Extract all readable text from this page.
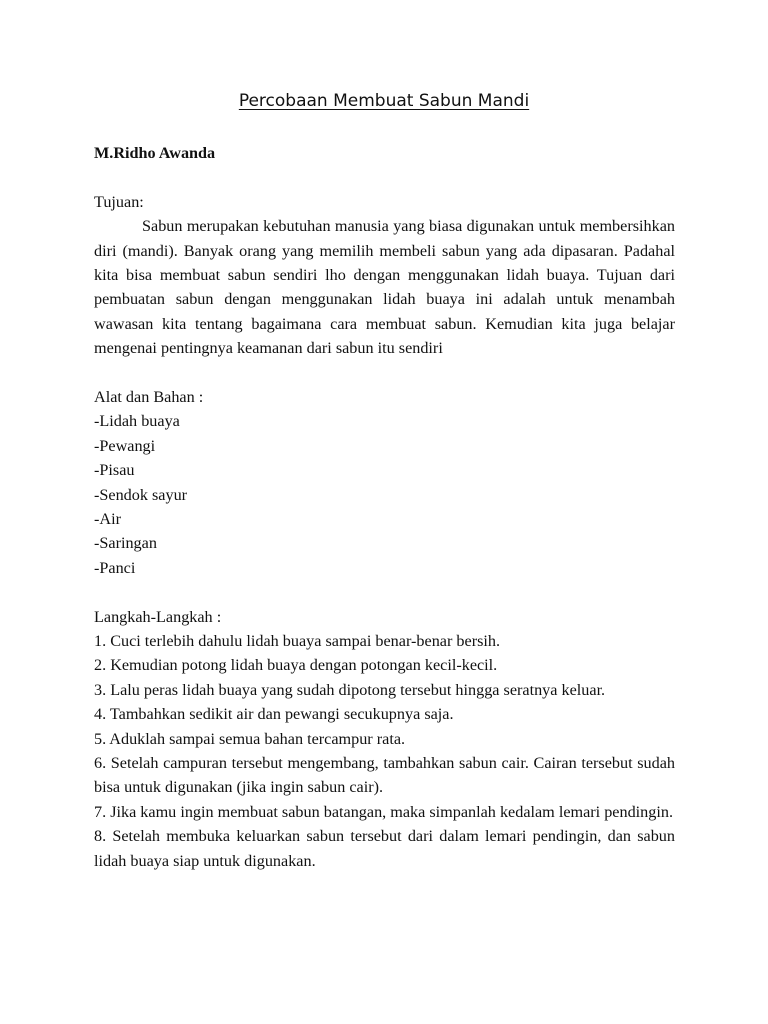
Percobaan Membuat Sabun Mandi
M.Ridho Awanda
Tujuan:
Sabun merupakan kebutuhan manusia yang biasa digunakan untuk membersihkan diri (mandi). Banyak orang yang memilih membeli sabun yang ada dipasaran. Padahal kita bisa membuat sabun sendiri lho dengan menggunakan lidah buaya. Tujuan dari pembuatan sabun dengan menggunakan lidah buaya ini adalah untuk menambah wawasan kita tentang bagaimana cara membuat sabun. Kemudian kita juga belajar mengenai pentingnya keamanan dari sabun itu sendiri
Alat dan Bahan :
-Lidah buaya
-Pewangi
-Pisau
-Sendok sayur
-Air
-Saringan
-Panci
Langkah-Langkah :
1. Cuci terlebih dahulu lidah buaya sampai benar-benar bersih.
2. Kemudian potong lidah buaya dengan potongan kecil-kecil.
3. Lalu peras lidah buaya yang sudah dipotong tersebut hingga seratnya keluar.
4. Tambahkan sedikit air dan pewangi secukupnya saja.
5. Aduklah sampai semua bahan tercampur rata.
6. Setelah campuran tersebut mengembang, tambahkan sabun cair. Cairan tersebut sudah bisa untuk digunakan (jika ingin sabun cair).
7. Jika kamu ingin membuat sabun batangan, maka simpanlah kedalam lemari pendingin.
8. Setelah membuka keluarkan sabun tersebut dari dalam lemari pendingin, dan sabun lidah buaya siap untuk digunakan.
